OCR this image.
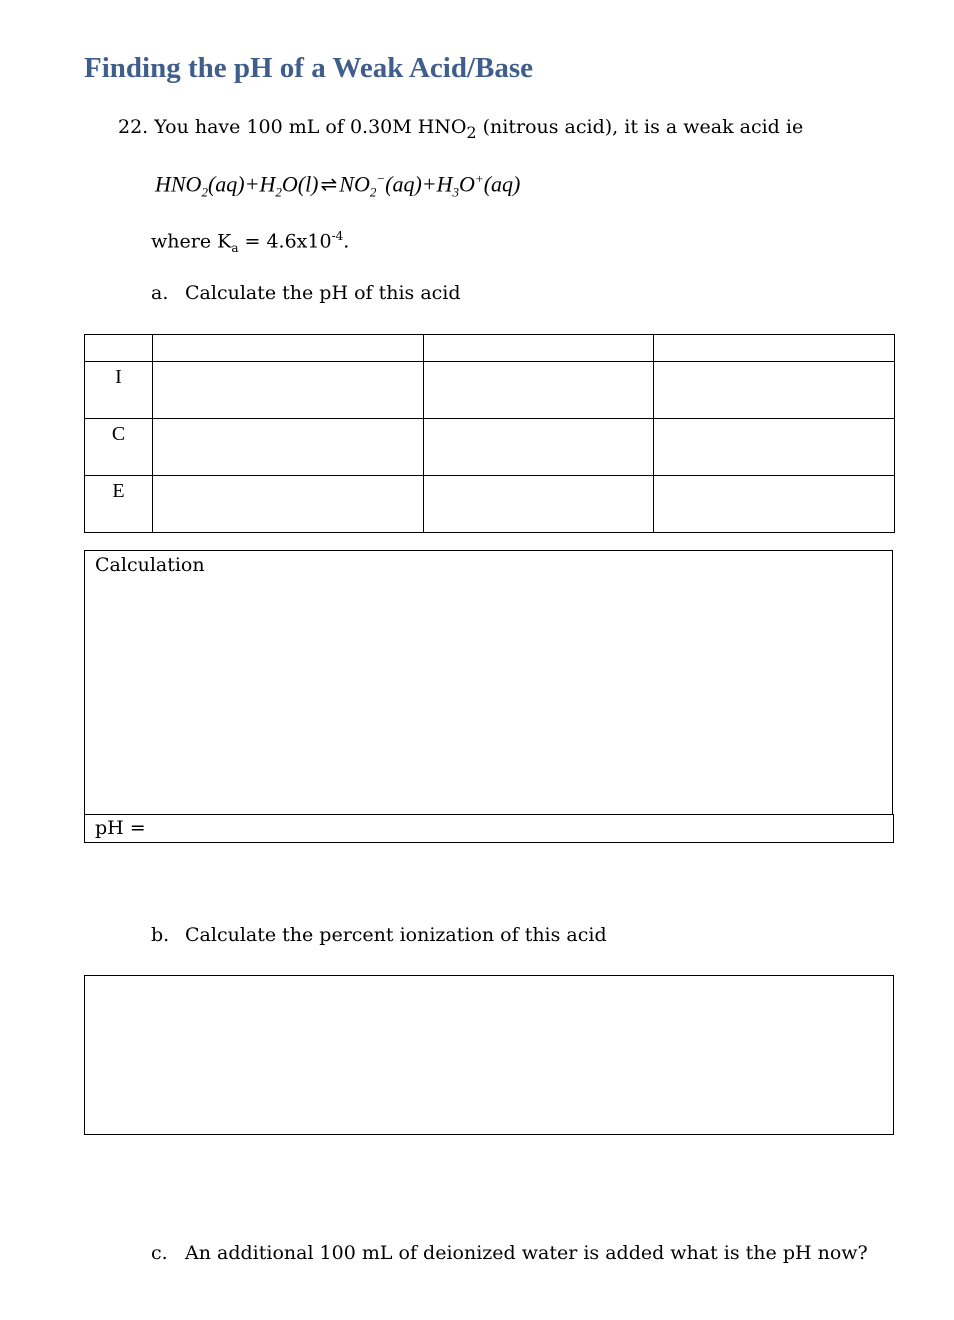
Finding the pH of a Weak Acid/Base
22. You have 100 mL of 0.30M $HNO_2$ (nitrous acid), it is a weak acid ie
$HNO_2(aq)+H_2O(l)$ $\rightleftharpoons NO_2^-(aq)+H_3O^+(aq)$
where $K_a = 4.6x10^{-4}$.
a. Calculate the pH of this acid

I			
C			
E			
Calculation
pH =
b. Calculate the percent ionization of this acid
c. An additional 100 mL of deionized water is added what is the pH now?
